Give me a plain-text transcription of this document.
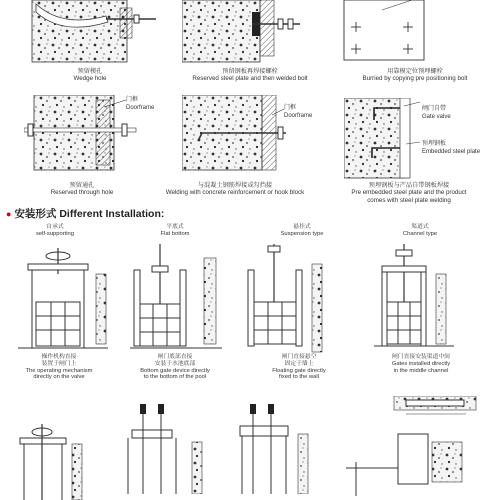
预留楔孔
Wedge hole
预留钢板再焊接螺栓
Reserved steel plate and then welded bolt
用靠模定位预埋螺栓
Burried by copying pre positioning bolt
门框
Doorframe
预留通孔
Reserved through hole
门框
Doorframe
与混凝土钢筋焊接或勾挡接
Welding with concrete reinforcement or hook block
闸门自带
Gate valve
预埋钢板
Embedded steel plate
预埋钢板与产品自带钢板焊接
Pre embedded steel plate and the product
comes with steel plate welding
● 安装形式 Different Installation:
自承式
self-supporting
平底式
Flat bottom
悬挂式
Suspension type
渠道式
Channel type
操作机构直接
装置于闸门上
The operating mechanism
directly on the valve
闸门底部直接
安装于水池底部
Bottom gate device directly
to the bottom of the pool
闸门直接悬空
固定于墙上
Floating gate directly
fixed to the wall
闸门直接安装渠道中间
Gates installed directly
in the middle channel
